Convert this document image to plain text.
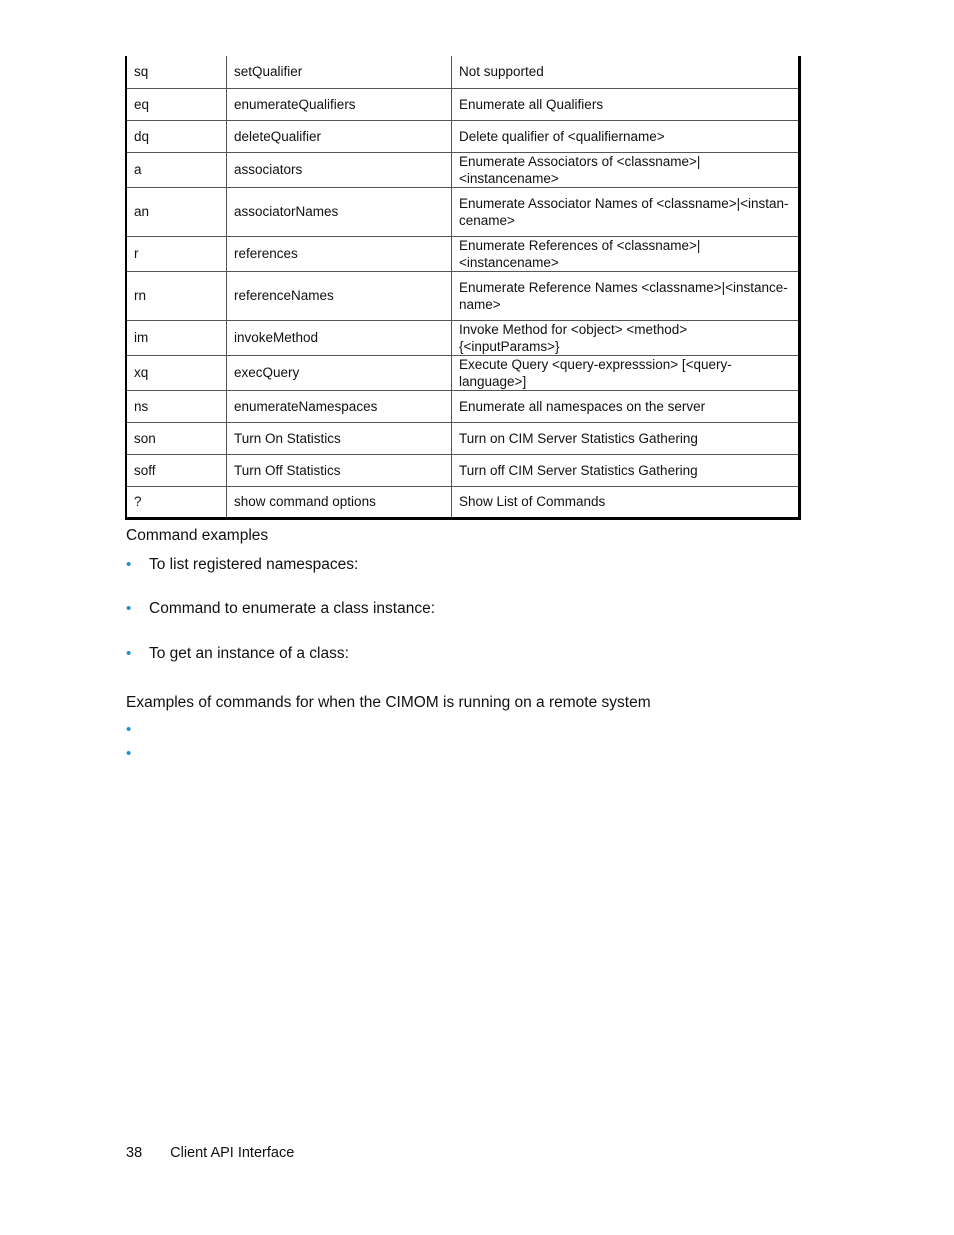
sq	setQualifier	Not supported
eq	enumerateQualifiers	Enumerate all Qualifiers
dq	deleteQualifier	Delete qualifier of <qualifiername>
a	associators	Enumerate Associators of <classname>|<instancename>
an	associatorNames	Enumerate Associator Names of <classname>|<instan-cename>
r	references	Enumerate References of <classname>|<instancename>
rn	referenceNames	Enumerate Reference Names <classname>|<instance-name>
im	invokeMethod	Invoke Method for <object> <method> {<inputParams>}
xq	execQuery	Execute Query <query-expresssion> [<query-language>]
ns	enumerateNamespaces	Enumerate all namespaces on the server
son	Turn On Statistics	Turn on CIM Server Statistics Gathering
soff	Turn Off Statistics	Turn off CIM Server Statistics Gathering
?	show command options	Show List of Commands
Command examples
• To list registered namespaces:
• Command to enumerate a class instance:
• To get an instance of a class:
Examples of commands for when the CIMOM is running on a remote system
•
•
38 Client API Interface
